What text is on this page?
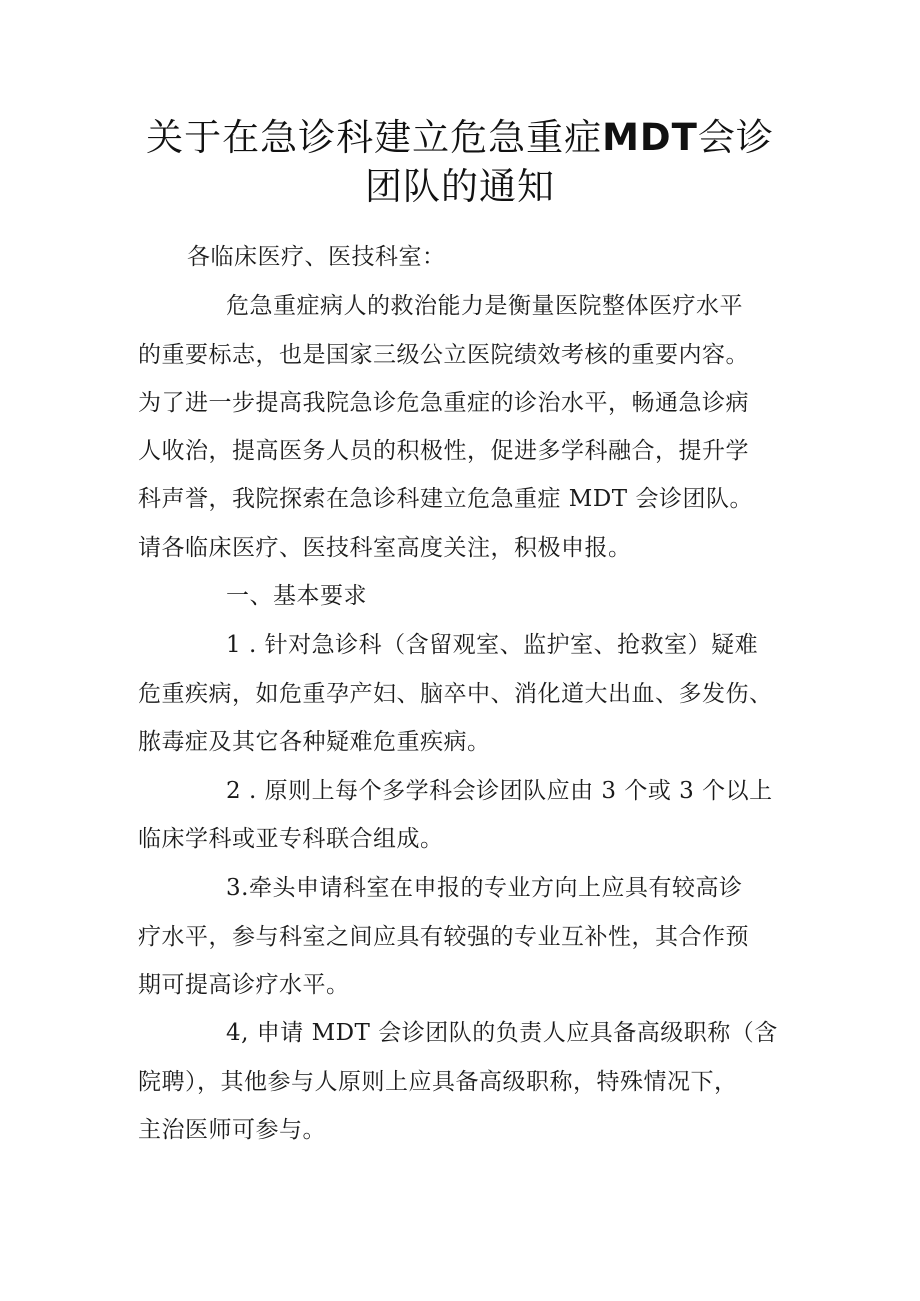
关于在急诊科建立危急重症MDT会诊
团队的通知

各临床医疗、医技科室：

危急重症病人的救治能力是衡量医院整体医疗水平

的重要标志，也是国家三级公立医院绩效考核的重要内容。

为了进一步提高我院急诊危急重症的诊治水平，畅通急诊病

人收治，提高医务人员的积极性，促进多学科融合，提升学

科声誉，我院探索在急诊科建立危急重症 MDT 会诊团队。

请各临床医疗、医技科室高度关注，积极申报。

一、基本要求

1 . 针对急诊科（含留观室、监护室、抢救室）疑难

危重疾病，如危重孕产妇、脑卒中、消化道大出血、多发伤、

脓毒症及其它各种疑难危重疾病。

2 . 原则上每个多学科会诊团队应由 3 个或 3 个以上

临床学科或亚专科联合组成。

3.牵头申请科室在申报的专业方向上应具有较高诊

疗水平，参与科室之间应具有较强的专业互补性，其合作预

期可提高诊疗水平。

4, 申请 MDT 会诊团队的负责人应具备高级职称（含

院聘），其他参与人原则上应具备高级职称，特殊情况下，

主治医师可参与。
